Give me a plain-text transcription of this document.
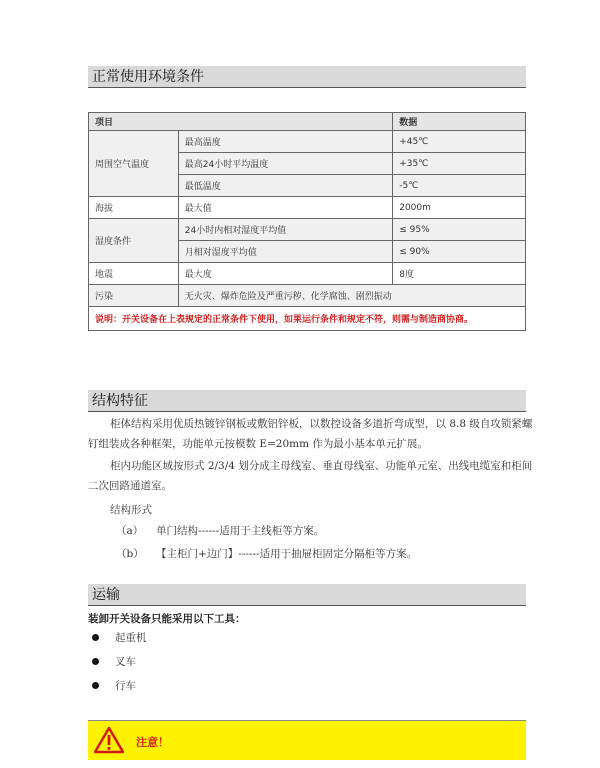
正常使用环境条件
项目		数据
周围空气温度	最高温度	+45℃
	最高24小时平均温度	+35℃
	最低温度	-5℃
海拔	最大值	2000m
湿度条件	24小时内相对湿度平均值	≤ 95%
	月相对湿度平均值	≤ 90%
地震	最大度	8度
污染	无火灾、爆炸危险及严重污秽、化学腐蚀、剧烈振动	
说明：开关设备在上表规定的正常条件下使用，如果运行条件和规定不符，则需与制造商协商。		
结构特征
柜体结构采用优质热镀锌钢板或敷铝锌板，以数控设备多道折弯成型，以 8.8 级自攻锁紧螺钉组装成各种框架，功能单元按模数 E=20mm 作为最小基本单元扩展。
柜内功能区域按形式 2/3/4 划分成主母线室、垂直母线室、功能单元室、出线电缆室和柜间二次回路通道室。
结构形式
（a） 单门结构------适用于主线柜等方案。
（b） 【主柜门+边门】------适用于抽屉柜固定分隔柜等方案。
运输
装卸开关设备只能采用以下工具：
起重机
叉车
行车
注意！
